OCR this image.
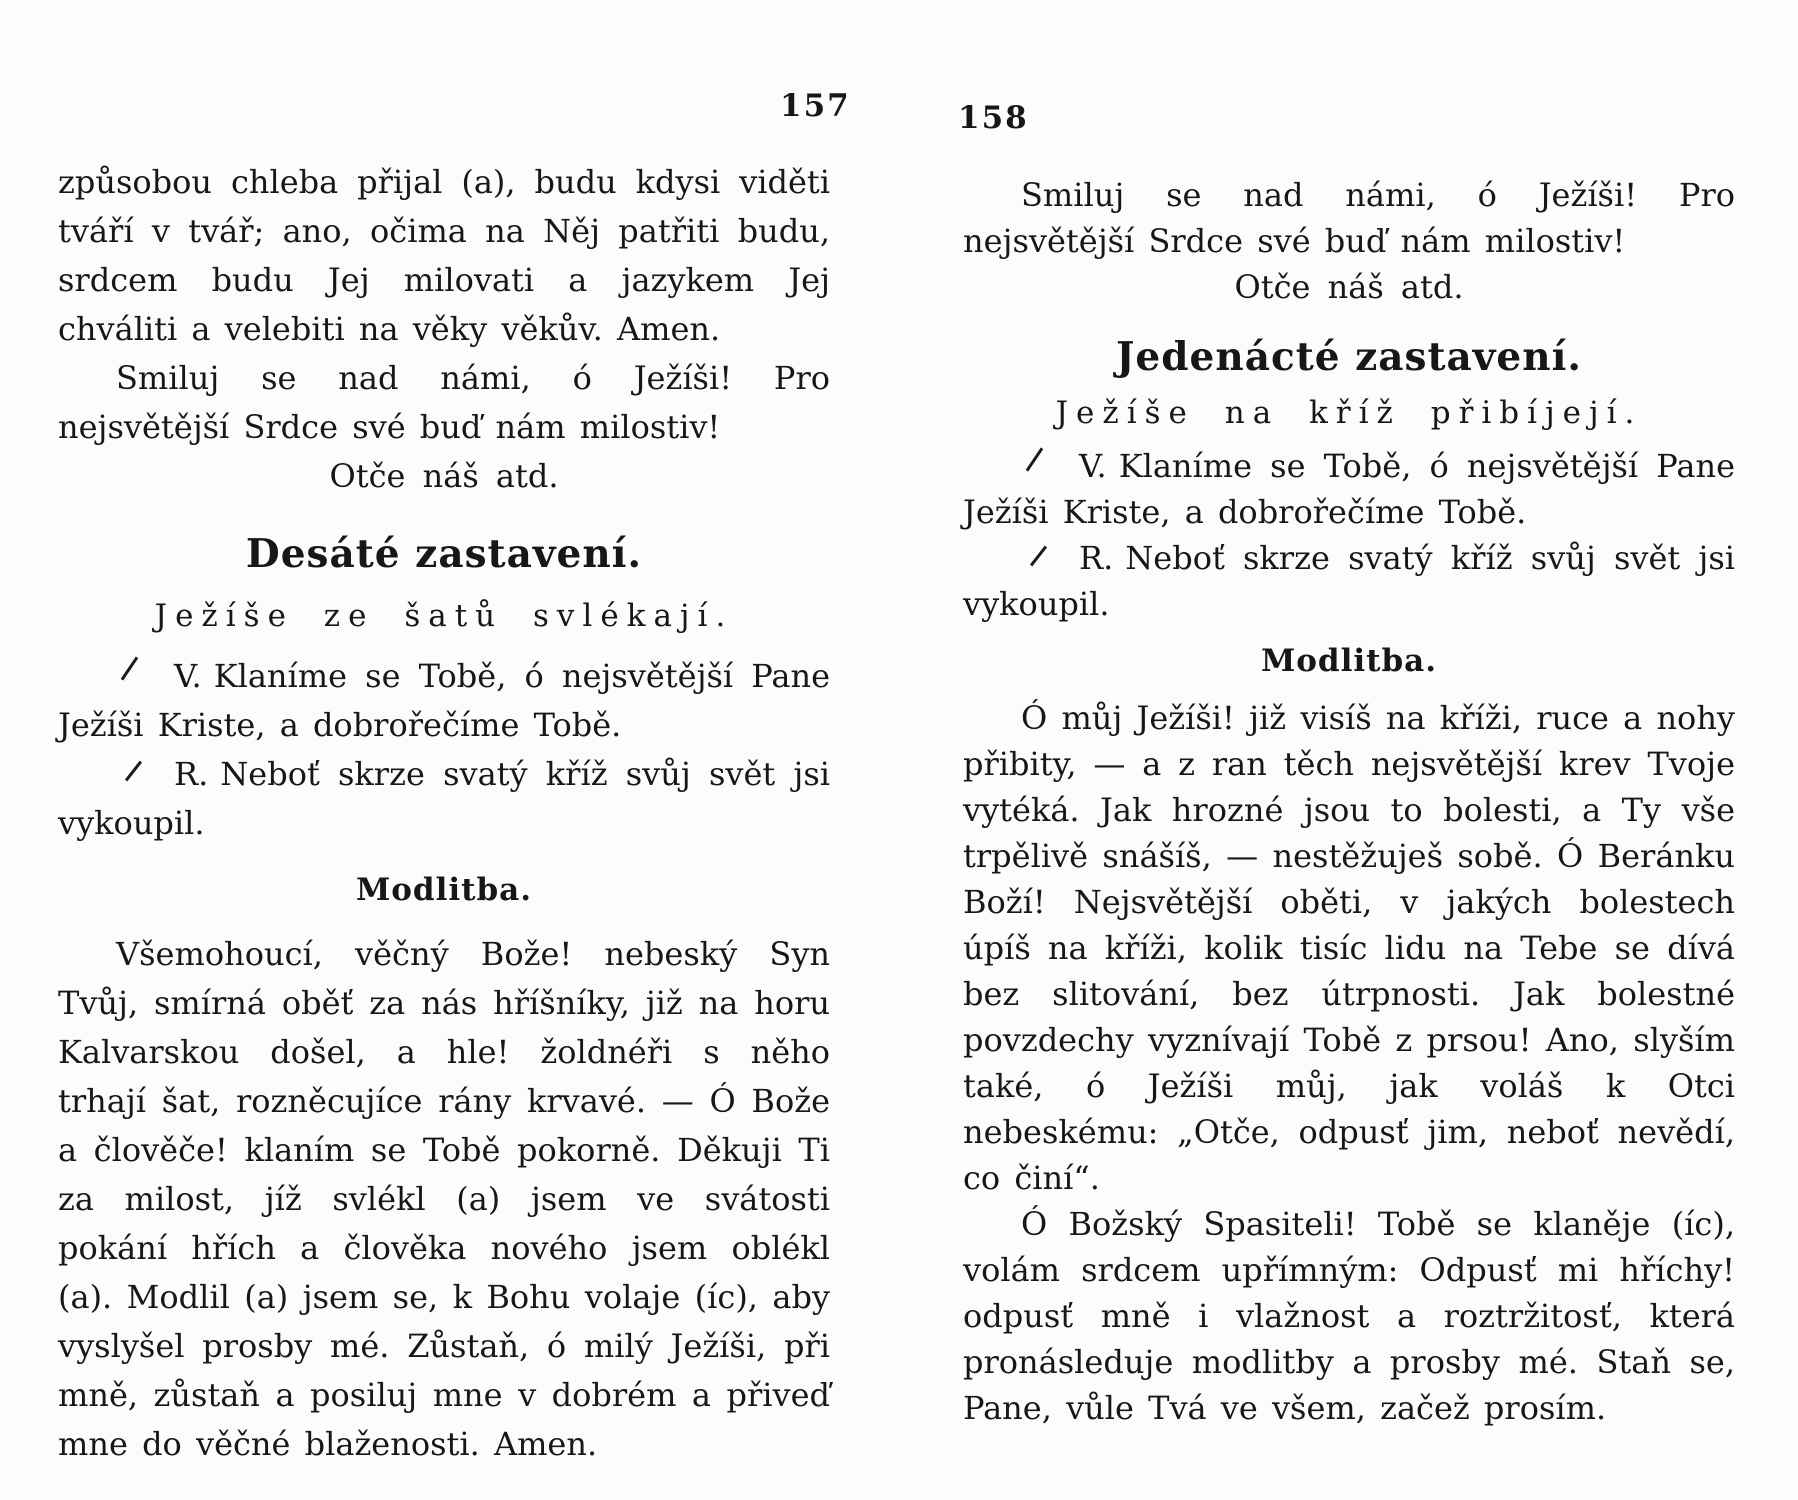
157	158

způsobou chleba přijal (a), budu kdysi viděti tváří v tvář; ano, očima na Něj patřiti budu, srdcem budu Jej milovati a jazykem Jej chváliti a velebiti na věky věkův. Amen.

Smiluj se nad námi, ó Ježíši! Pro nejsvětější Srdce své buď nám milostiv!

Otče náš atd.

Desáté zastavení.
Ježíše ze šatů svlékají.

V. Klaníme se Tobě, ó nejsvětější Pane Ježíši Kriste, a dobrořečíme Tobě.

R. Neboť skrze svatý kříž svůj svět jsi vykoupil.

Modlitba.

Všemohoucí, věčný Bože! nebeský Syn Tvůj, smírná oběť za nás hříšníky, již na horu Kalvarskou došel, a hle! žoldnéři s něho trhají šat, rozněcujíce rány krvavé. — Ó Bože a člověče! klaním se Tobě pokorně. Děkuji Ti za milost, jíž svlékl (a) jsem ve svátosti pokání hřích a člověka nového jsem oblékl (a). Modlil (a) jsem se, k Bohu volaje (íc), aby vyslyšel prosby mé. Zůstaň, ó milý Ježíši, při mně, zůstaň a posiluj mne v dobrém a přiveď mne do věčné blaženosti. Amen.

Smiluj se nad námi, ó Ježíši! Pro nejsvětější Srdce své buď nám milostiv!

Otče náš atd.

Jedenácté zastavení.
Ježíše na kříž přibíjejí.

V. Klaníme se Tobě, ó nejsvětější Pane Ježíši Kriste, a dobrořečíme Tobě.

R. Neboť skrze svatý kříž svůj svět jsi vykoupil.

Modlitba.

Ó můj Ježíši! již visíš na kříži, ruce a nohy přibity, — a z ran těch nejsvětější krev Tvoje vytéká. Jak hrozné jsou to bolesti, a Ty vše trpělivě snášíš, — nestěžuješ sobě. Ó Beránku Boží! Nejsvětější oběti, v jakých bolestech úpíš na kříži, kolik tisíc lidu na Tebe se dívá bez slitování, bez útrpnosti. Jak bolestné povzdechy vyznívají Tobě z prsou! Ano, slyším také, ó Ježíši můj, jak voláš k Otci nebeskému: „Otče, odpusť jim, neboť nevědí, co činí“.

Ó Božský Spasiteli! Tobě se klaněje (íc), volám srdcem upřímným: Odpusť mi hříchy! odpusť mně i vlažnost a roztržitosť, která pronásleduje modlitby a prosby mé. Staň se, Pane, vůle Tvá ve všem, začež prosím.
